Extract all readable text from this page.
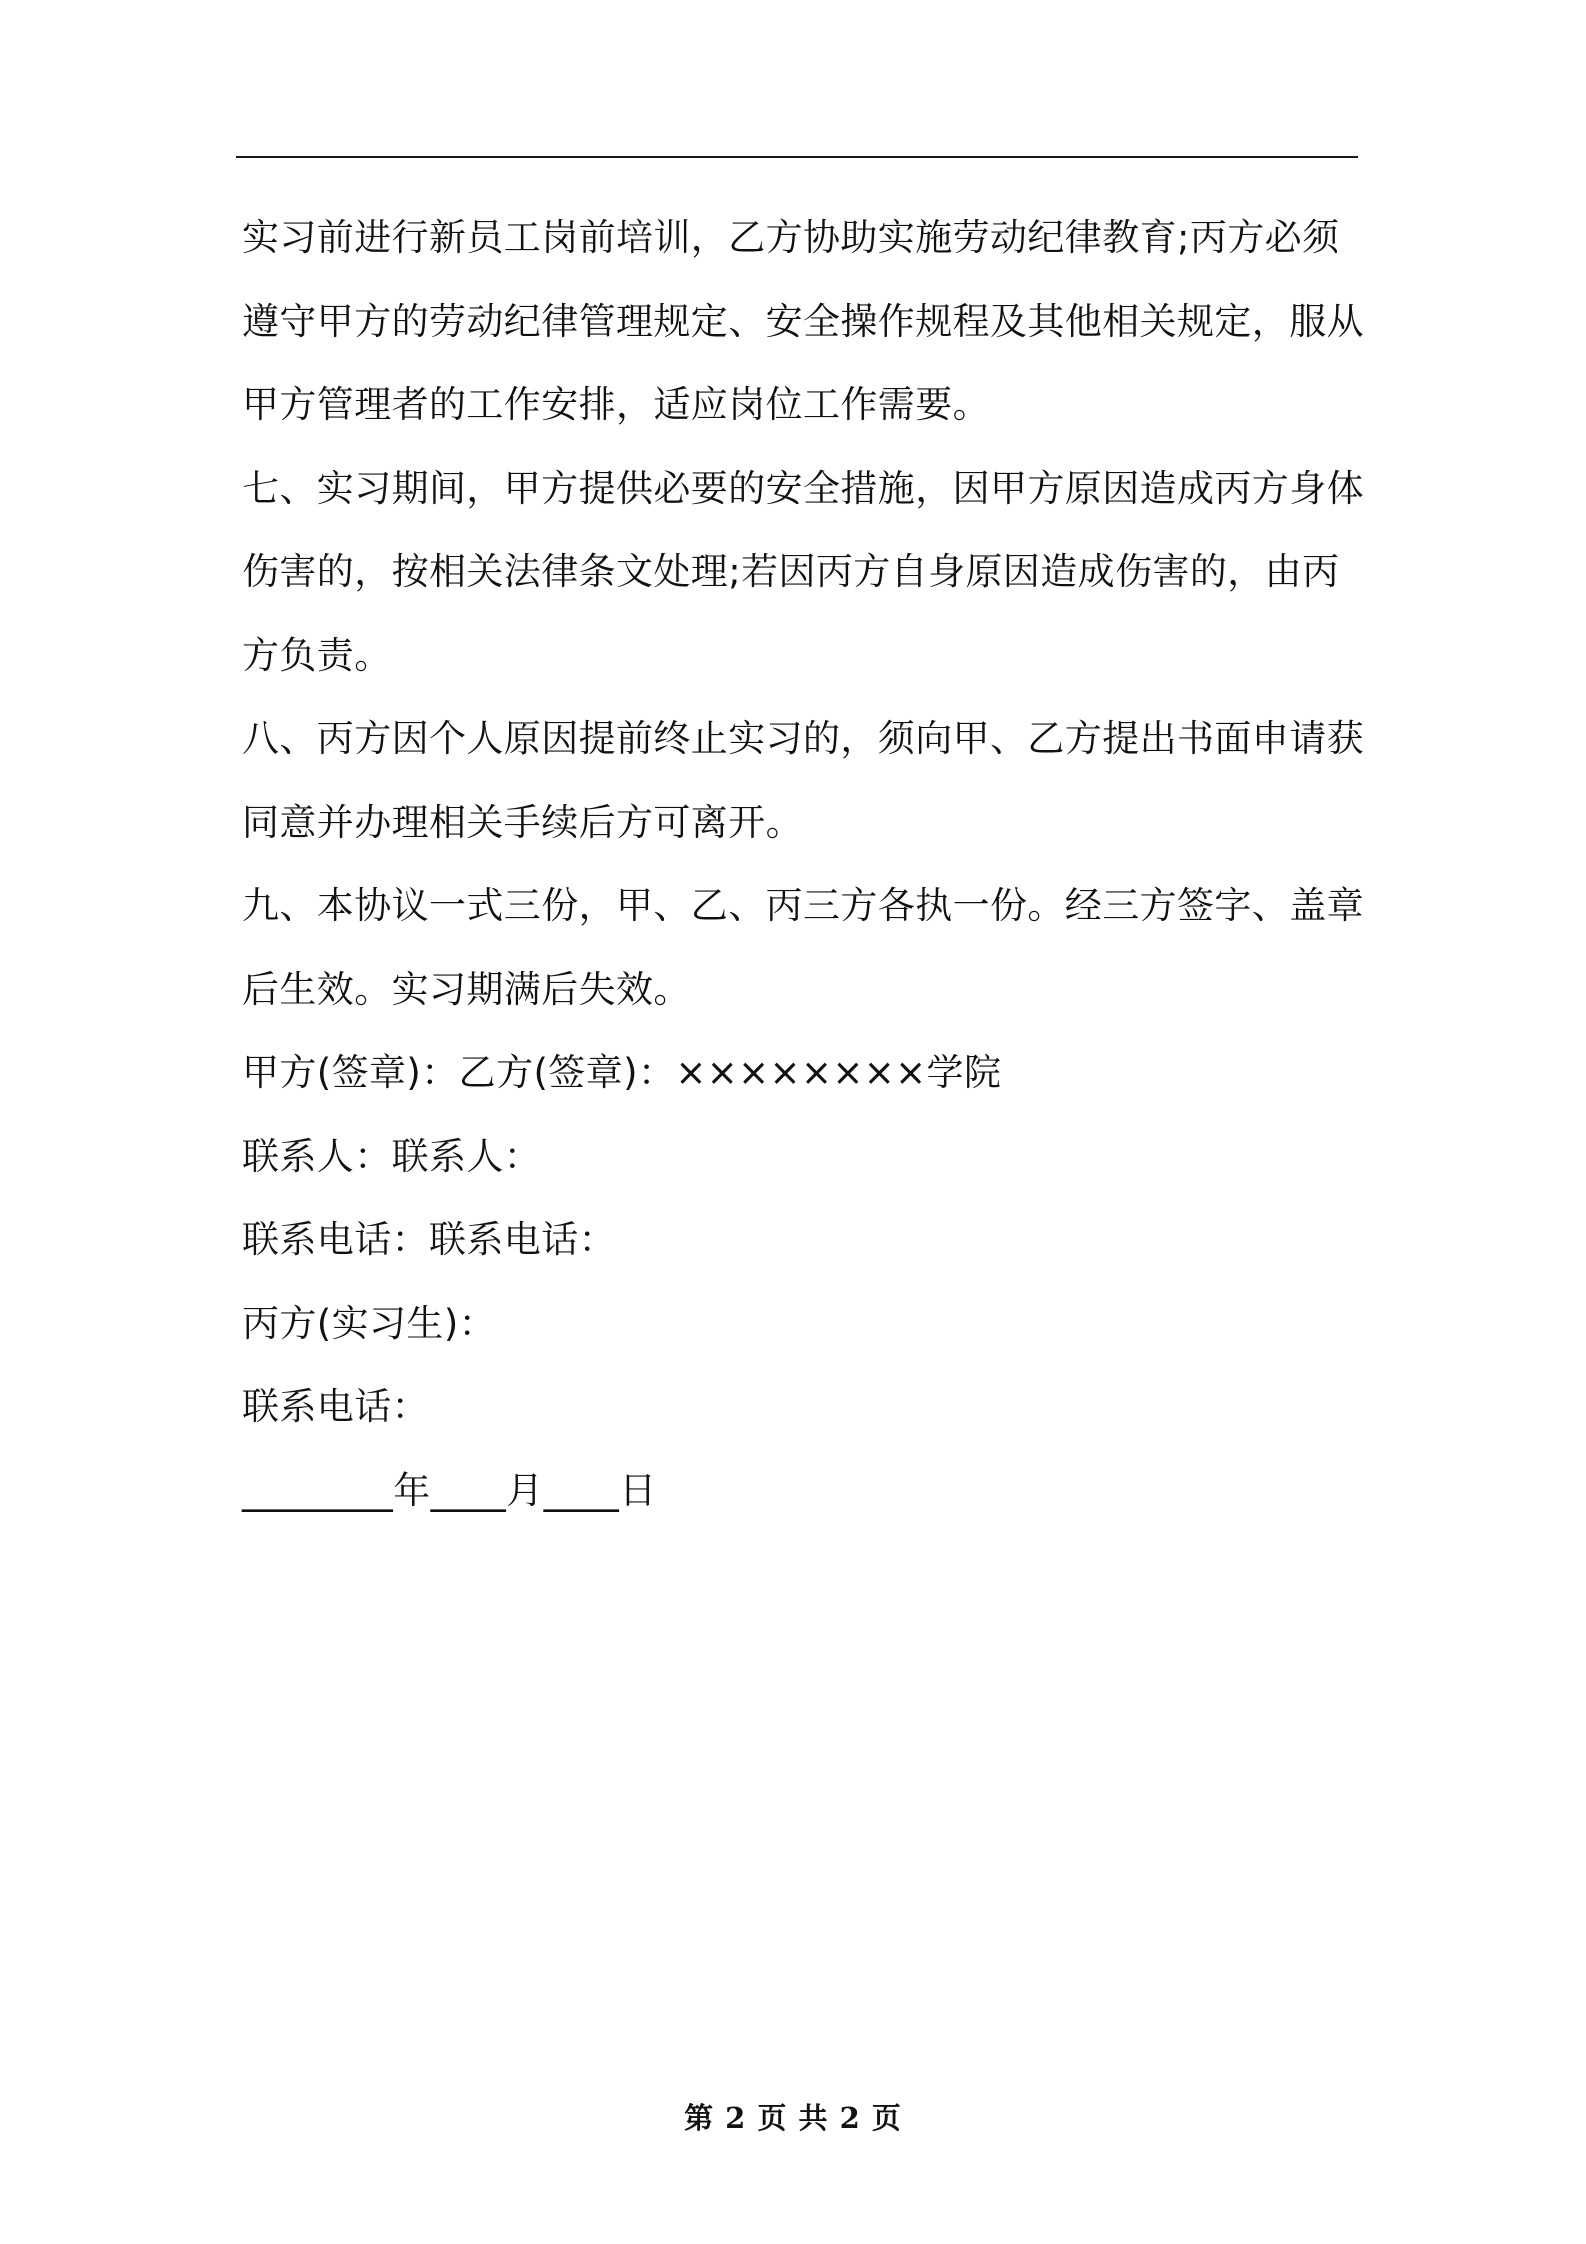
实习前进行新员工岗前培训，乙方协助实施劳动纪律教育;丙方必须
遵守甲方的劳动纪律管理规定、安全操作规程及其他相关规定，服从
甲方管理者的工作安排，适应岗位工作需要。
七、实习期间，甲方提供必要的安全措施，因甲方原因造成丙方身体
伤害的，按相关法律条文处理;若因丙方自身原因造成伤害的，由丙
方负责。
八、丙方因个人原因提前终止实习的，须向甲、乙方提出书面申请获
同意并办理相关手续后方可离开。
九、本协议一式三份，甲、乙、丙三方各执一份。经三方签字、盖章
后生效。实习期满后失效。
甲方(签章)：乙方(签章)：××××××××学院
联系人：联系人：
联系电话：联系电话：
丙方(实习生)：
联系电话：
________年____月____日
第 2 页 共 2 页
